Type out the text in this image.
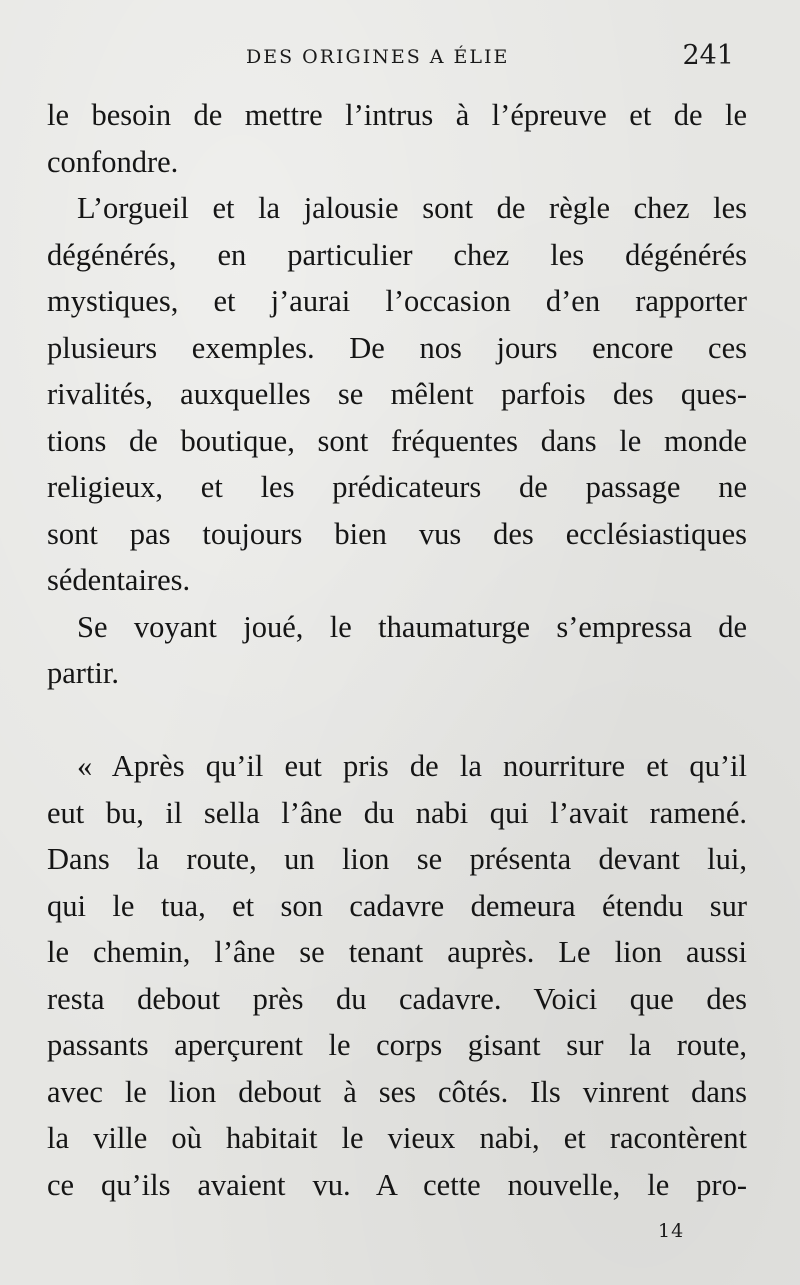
DES ORIGINES A ÉLIE	241

le besoin de mettre l’intrus à l’épreuve et de le
confondre.

L’orgueil et la jalousie sont de règle chez les
dégénérés, en particulier chez les dégénérés
mystiques, et j’aurai l’occasion d’en rapporter
plusieurs exemples. De nos jours encore ces
rivalités, auxquelles se mêlent parfois des ques-
tions de boutique, sont fréquentes dans le monde
religieux, et les prédicateurs de passage ne
sont pas toujours bien vus des ecclésiastiques
sédentaires.

Se voyant joué, le thaumaturge s’empressa de
partir.

« Après qu’il eut pris de la nourriture et qu’il
eut bu, il sella l’âne du nabi qui l’avait ramené.
Dans la route, un lion se présenta devant lui,
qui le tua, et son cadavre demeura étendu sur
le chemin, l’âne se tenant auprès. Le lion aussi
resta debout près du cadavre. Voici que des
passants aperçurent le corps gisant sur la route,
avec le lion debout à ses côtés. Ils vinrent dans
la ville où habitait le vieux nabi, et racontèrent
ce qu’ils avaient vu. A cette nouvelle, le pro-

14
